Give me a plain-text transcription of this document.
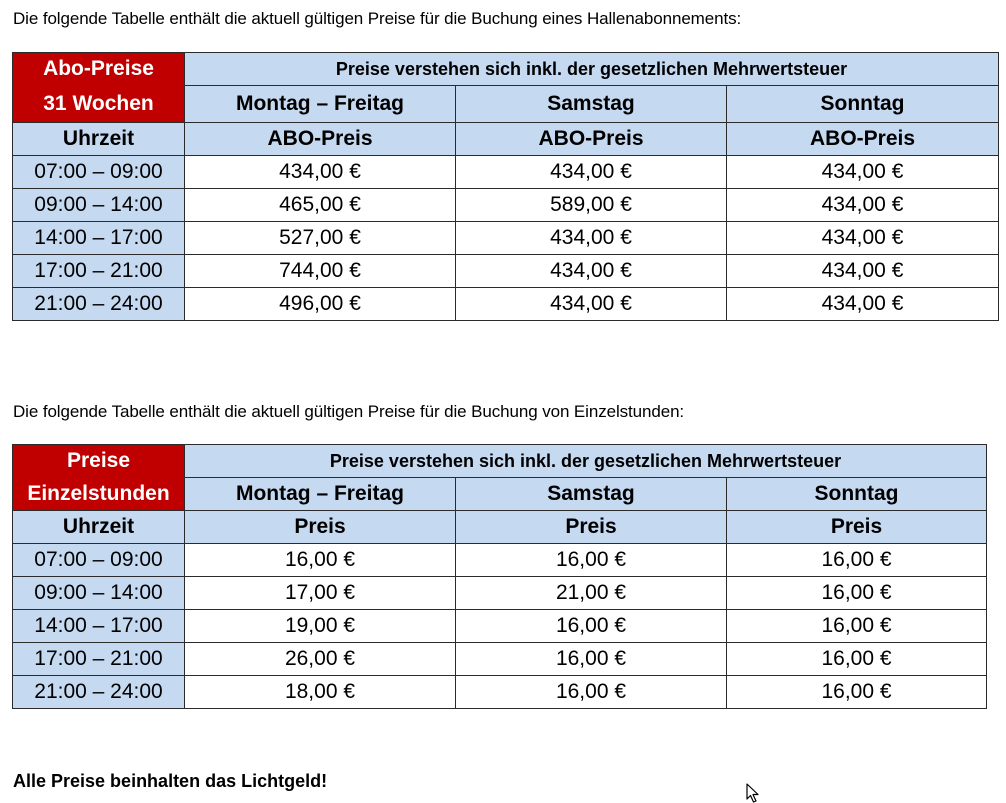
Die folgende Tabelle enthält die aktuell gültigen Preise für die Buchung eines Hallenabonnements:
Abo-Preise	Preise verstehen sich inkl. der gesetzlichen Mehrwertsteuer		
31 Wochen	Montag – Freitag	Samstag	Sonntag
Uhrzeit	ABO-Preis	ABO-Preis	ABO-Preis
07:00 – 09:00	434,00 €	434,00 €	434,00 €
09:00 – 14:00	465,00 €	589,00 €	434,00 €
14:00 – 17:00	527,00 €	434,00 €	434,00 €
17:00 – 21:00	744,00 €	434,00 €	434,00 €
21:00 – 24:00	496,00 €	434,00 €	434,00 €
Die folgende Tabelle enthält die aktuell gültigen Preise für die Buchung von Einzelstunden:
Preise	Preise verstehen sich inkl. der gesetzlichen Mehrwertsteuer		
Einzelstunden	Montag – Freitag	Samstag	Sonntag
Uhrzeit	Preis	Preis	Preis
07:00 – 09:00	16,00 €	16,00 €	16,00 €
09:00 – 14:00	17,00 €	21,00 €	16,00 €
14:00 – 17:00	19,00 €	16,00 €	16,00 €
17:00 – 21:00	26,00 €	16,00 €	16,00 €
21:00 – 24:00	18,00 €	16,00 €	16,00 €
Alle Preise beinhalten das Lichtgeld!
